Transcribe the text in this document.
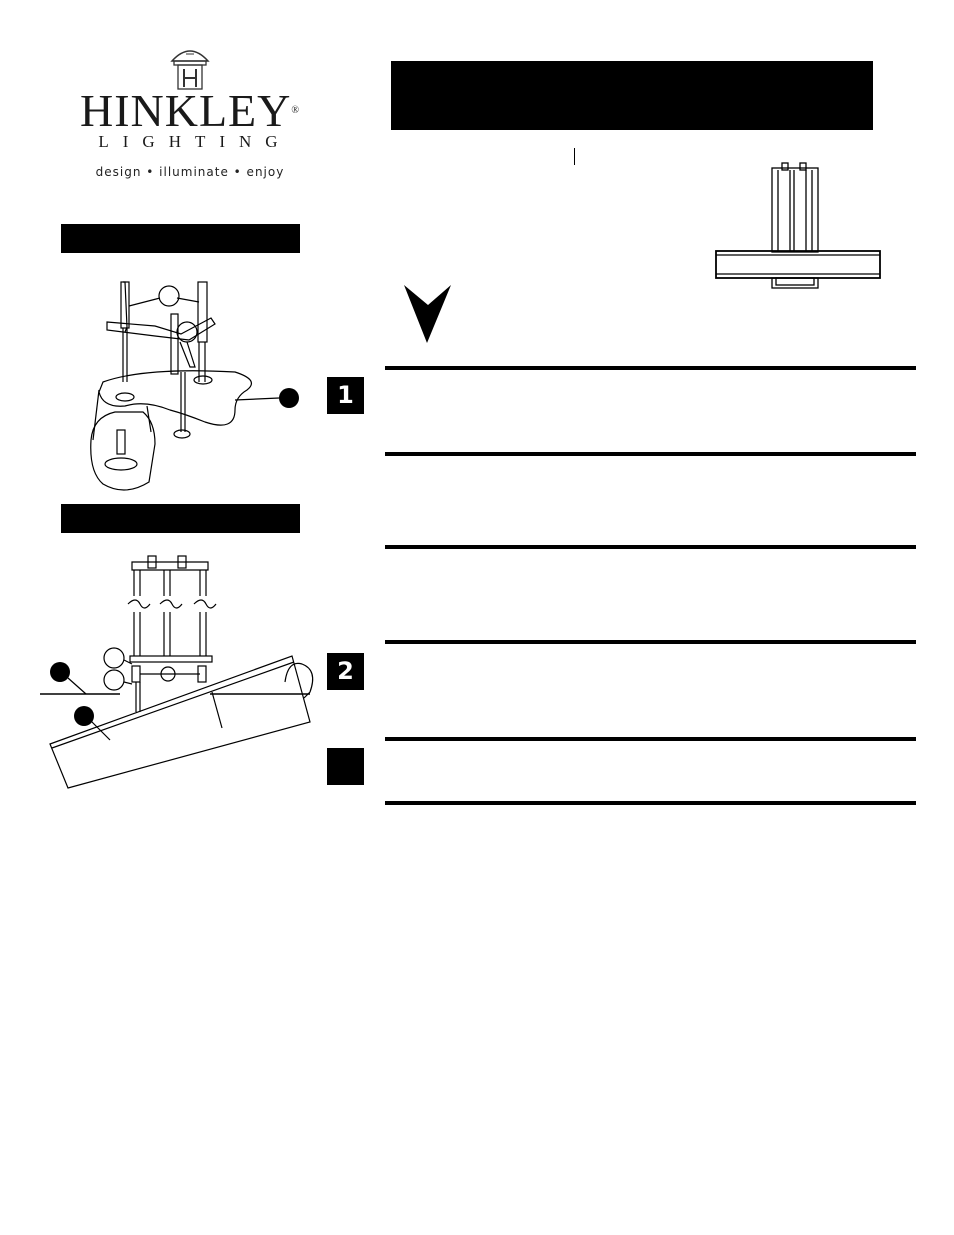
HINKLEY®
LIGHTING
design • illuminate • enjoy
1
2
